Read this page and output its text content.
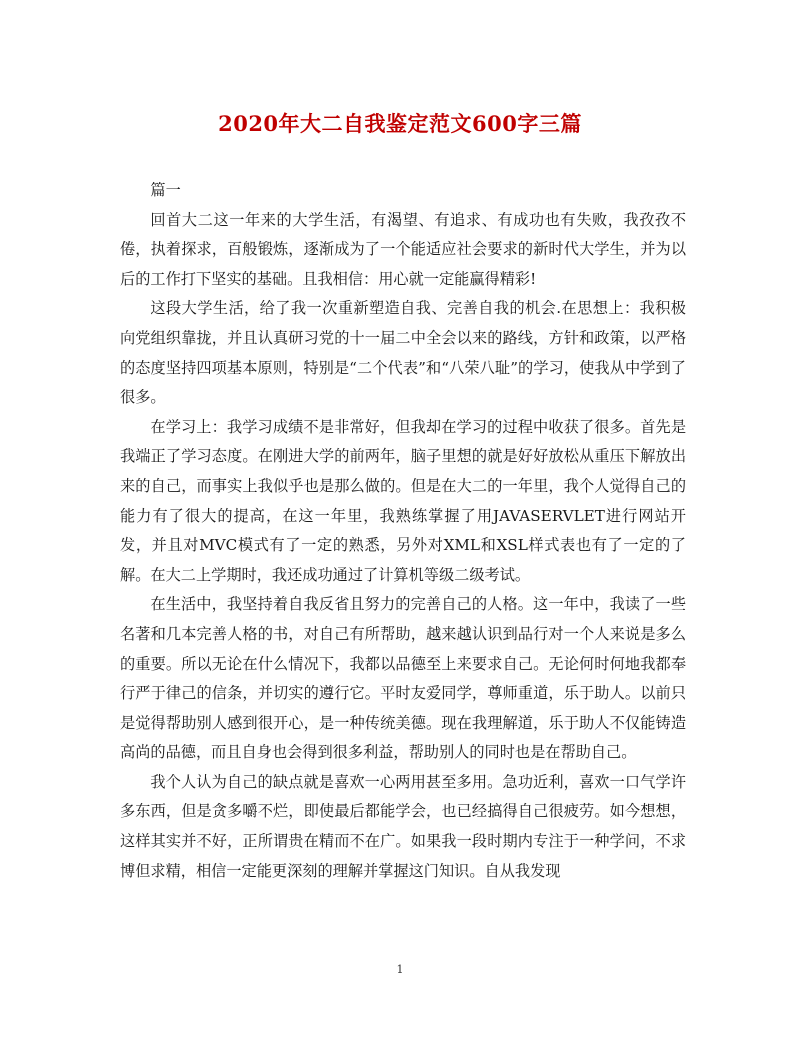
2020年大二自我鉴定范文600字三篇

篇一

回首大二这一年来的大学生活，有渴望、有追求、有成功也有失败，我孜孜不倦，执着探求，百般锻炼，逐渐成为了一个能适应社会要求的新时代大学生，并为以后的工作打下坚实的基础。且我相信：用心就一定能赢得精彩!

这段大学生活，给了我一次重新塑造自我、完善自我的机会.在思想上：我积极向党组织靠拢，并且认真研习党的十一届二中全会以来的路线，方针和政策，以严格的态度坚持四项基本原则，特别是“二个代表”和“八荣八耻”的学习，使我从中学到了很多。

在学习上：我学习成绩不是非常好，但我却在学习的过程中收获了很多。首先是我端正了学习态度。在刚进大学的前两年，脑子里想的就是好好放松从重压下解放出来的自己，而事实上我似乎也是那么做的。但是在大二的一年里，我个人觉得自己的能力有了很大的提高，在这一年里，我熟练掌握了用JAVASERVLET进行网站开发，并且对MVC模式有了一定的熟悉，另外对XML和XSL样式表也有了一定的了解。在大二上学期时，我还成功通过了计算机等级二级考试。

在生活中，我坚持着自我反省且努力的完善自己的人格。这一年中，我读了一些名著和几本完善人格的书，对自己有所帮助，越来越认识到品行对一个人来说是多么的重要。所以无论在什么情况下，我都以品德至上来要求自己。无论何时何地我都奉行严于律己的信条，并切实的遵行它。平时友爱同学，尊师重道，乐于助人。以前只是觉得帮助别人感到很开心，是一种传统美德。现在我理解道，乐于助人不仅能铸造高尚的品德，而且自身也会得到很多利益，帮助别人的同时也是在帮助自己。

我个人认为自己的缺点就是喜欢一心两用甚至多用。急功近利，喜欢一口气学许多东西，但是贪多嚼不烂，即使最后都能学会，也已经搞得自己很疲劳。如今想想，这样其实并不好，正所谓贵在精而不在广。如果我一段时期内专注于一种学问，不求博但求精，相信一定能更深刻的理解并掌握这门知识。自从我发现

1
